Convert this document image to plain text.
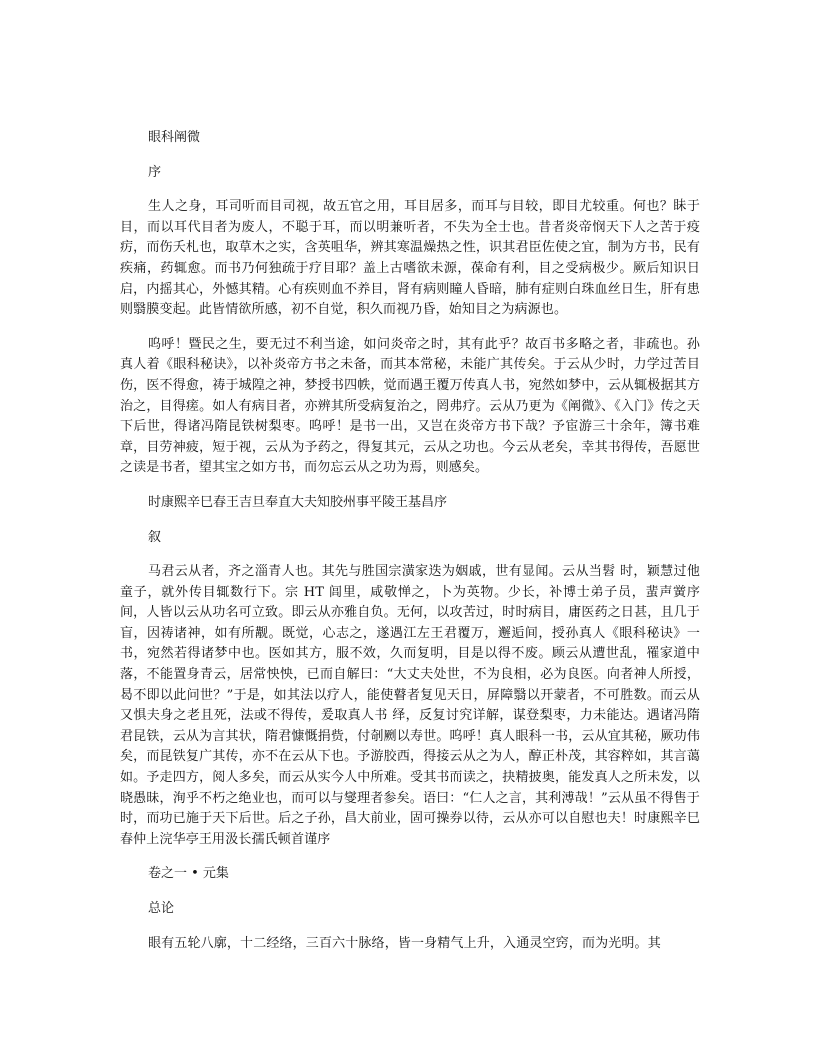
眼科阐微
序
生人之身，耳司听而目司视，故五官之用，耳目居多，而耳与目较，即目尤较重。何也？眛于目，而以耳代目者为废人，不聪于耳，而以明兼听者，不失为全士也。昔者炎帝悯天下人之苦于疫疠，而伤夭札也，取草木之实，含英咀华，辨其寒温燥热之性，识其君臣佐使之宜，制为方书，民有疾痛，药辄愈。而书乃何独疏于疗目耶？盖上古嗜欲未源，葆命有利，目之受病极少。厥后知识日启，内摇其心，外憾其精。心有疾则血不养目，肾有病则瞳人昏暗，肺有症则白珠血丝日生，肝有患则翳膜变起。此皆情欲所感，初不自觉，积久而视乃昏，始知目之为病源也。
呜呼！暨民之生，要无过不利当途，如问炎帝之时，其有此乎？故百书多略之者，非疏也。孙真人着《眼科秘诀》，以补炎帝方书之未备，而其本常秘，未能广其传矣。于云从少时，力学过苦目伤，医不得愈，祷于城隍之神，梦授书四帙，觉而遇王覆万传真人书，宛然如梦中，云从辄极据其方治之，目得瘥。如人有病目者，亦辨其所受病复治之，罔弗疗。云从乃更为《阐微》、《入门》传之天下后世，得诸冯隋昆铁树梨枣。呜呼！是书一出，又岂在炎帝方书下哉？予宦游三十余年，簿书难章，目劳神疲，短于视，云从为予药之，得复其元，云从之功也。今云从老矣，幸其书得传，吾愿世之读是书者，望其宝之如方书，而勿忘云从之功为焉，则感矣。
时康熙辛巳春王吉旦奉直大夫知胶州事平陵王基昌序
叙
马君云从者，齐之淄青人也。其先与胜国宗潢家迭为姻戚，世有显闻。云从当髫 时，颖慧过他童子，就外传目辄数行下。宗 HT 闾里，咸敬惮之，卜为英物。少长，补博士弟子员，蜚声黉序间，人皆以云从功名可立致。即云从亦雅自负。无何，以攻苦过，时时病目，庸医药之日甚，且几于盲，因祷诸神，如有所觏。既觉，心志之，遂遇江左王君覆万，邂逅间，授孙真人《眼科秘诀》一书，宛然若得诸梦中也。医如其方，服不效，久而复明，目是以得不废。顾云从遭世乱，罹家道中落，不能置身青云，居常怏怏，已而自解曰：“大丈夫处世，不为良相，必为良医。向者神人所授，曷不即以此问世？”于是，如其法以疗人，能使瞽者复见天日，屏障翳以开蒙者，不可胜数。而云从又惧夫身之老且死，法或不得传，爰取真人书 绎，反复讨究详解，谋登梨枣，力未能达。遇诸冯隋君昆铁，云从为言其状，隋君慷慨捐赀，付剞劂以寿世。呜呼！真人眼科一书，云从宜其秘，厥功伟矣，而昆铁复广其传，亦不在云从下也。予游胶西，得接云从之为人，醇正朴茂，其容粹如，其言蔼如。予走四方，阅人多矣，而云从实今人中所难。受其书而读之，抉精披奥，能发真人之所未发，以晓愚昧，洵乎不朽之绝业也，而可以与燮理者参矣。语曰：“仁人之言，其利溥哉！”云从虽不得售于时，而功已施于天下后世。后之子孙，昌大前业，固可操券以待，云从亦可以自慰也夫！时康熙辛巳春仲上浣华亭王用汲长孺氏顿首谨序
卷之一 • 元集
总论
眼有五轮八廓，十二经络，三百六十脉络，皆一身精气上升，入通灵空窍，而为光明。其
